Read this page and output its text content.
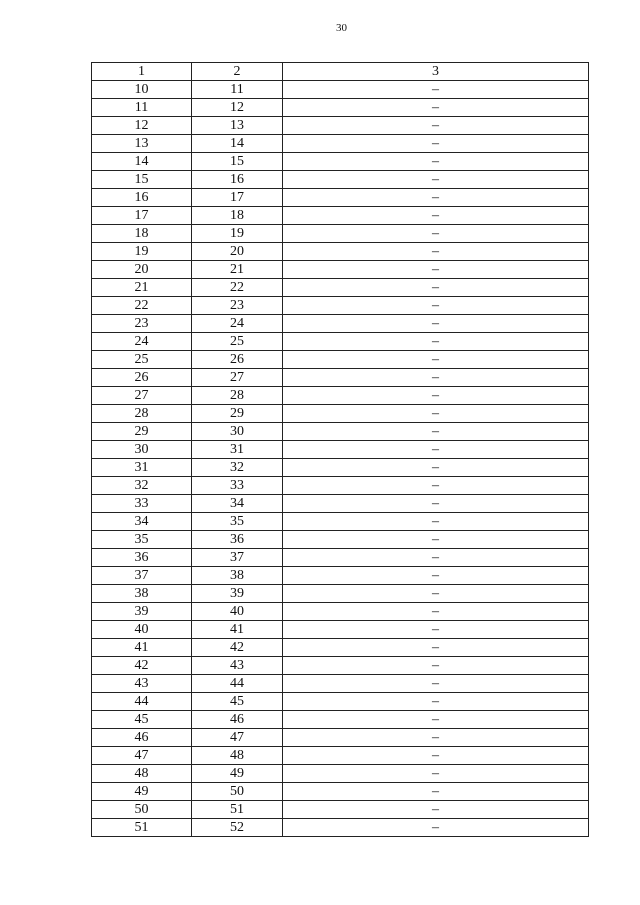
30
1	2	3
10	11	–
11	12	–
12	13	–
13	14	–
14	15	–
15	16	–
16	17	–
17	18	–
18	19	–
19	20	–
20	21	–
21	22	–
22	23	–
23	24	–
24	25	–
25	26	–
26	27	–
27	28	–
28	29	–
29	30	–
30	31	–
31	32	–
32	33	–
33	34	–
34	35	–
35	36	–
36	37	–
37	38	–
38	39	–
39	40	–
40	41	–
41	42	–
42	43	–
43	44	–
44	45	–
45	46	–
46	47	–
47	48	–
48	49	–
49	50	–
50	51	–
51	52	–
